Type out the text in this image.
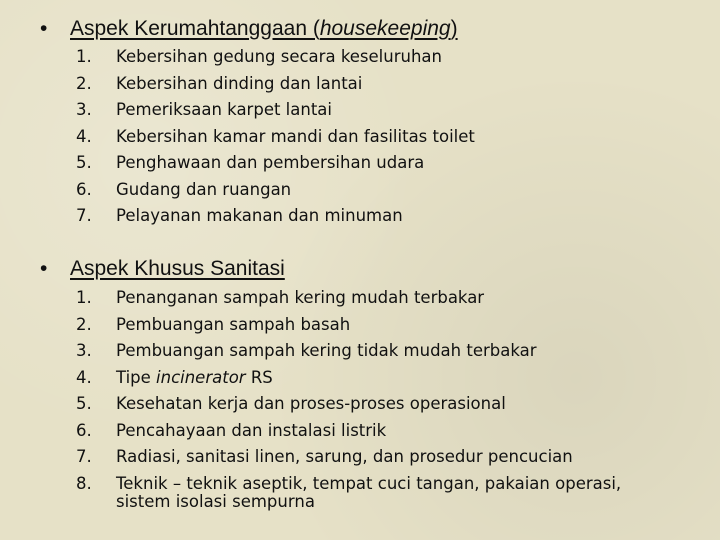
• Aspek Kerumahtanggaan (housekeeping)

1.	Kebersihan gedung secara keseluruhan
2.	Kebersihan dinding dan lantai
3.	Pemeriksaan karpet lantai
4.	Kebersihan kamar mandi dan fasilitas toilet
5.	Penghawaan dan pembersihan udara
6.	Gudang dan ruangan
7.	Pelayanan makanan dan minuman

• Aspek Khusus Sanitasi

1.	Penanganan sampah kering mudah terbakar
2.	Pembuangan sampah basah
3.	Pembuangan sampah kering tidak mudah terbakar
4.	Tipe incinerator RS
5.	Kesehatan kerja dan proses-proses operasional
6.	Pencahayaan dan instalasi listrik
7.	Radiasi, sanitasi linen, sarung, dan prosedur pencucian
8.	Teknik – teknik aseptik, tempat cuci tangan, pakaian operasi, sistem isolasi sempurna
